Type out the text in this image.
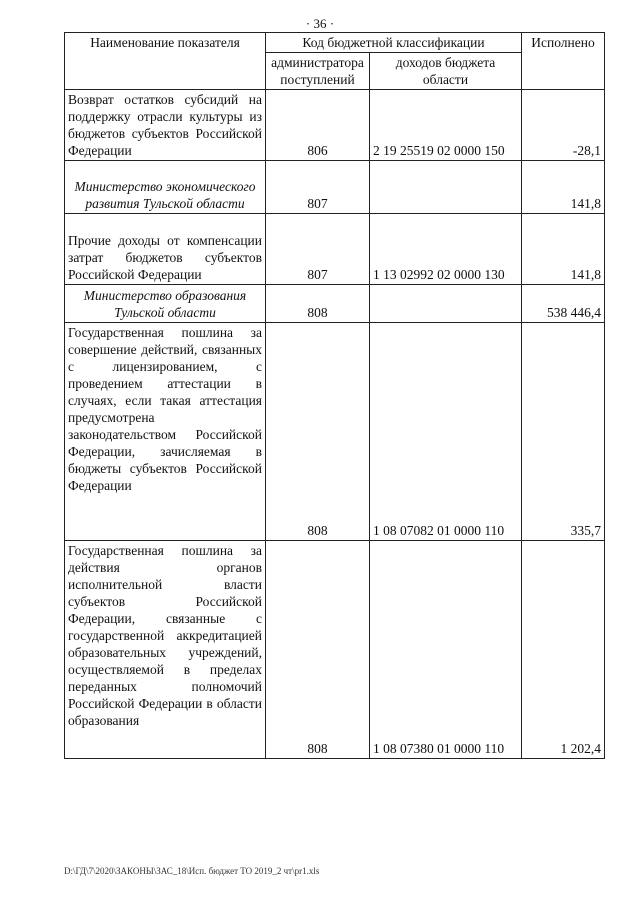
· 36 ·
Наименование показателя	Код бюджетной классификации		Исполнено
	администратора поступлений	доходов бюджета области	
Возврат остатков субсидий на поддержку отрасли культуры из бюджетов субъектов Российской Федерации	806	2 19 25519 02 0000 150	-28,1
Министерство экономического развития Тульской области	807		141,8
Прочие доходы от компенсации затрат бюджетов субъектов Российской Федерации	807	1 13 02992 02 0000 130	141,8
Министерство образования Тульской области	808		538 446,4
Государственная пошлина за совершение действий, связанных с лицензированием, с проведением аттестации в случаях, если такая аттестация предусмотрена законодательством Российской Федерации, зачисляемая в бюджеты субъектов Российской Федерации	808	1 08 07082 01 0000 110	335,7
Государственная пошлина за действия органов исполнительной власти субъектов Российской Федерации, связанные с государственной аккредитацией образовательных учреждений, осуществляемой в пределах переданных полномочий Российской Федерации в области образования	808	1 08 07380 01 0000 110	1 202,4
D:\ГД\7\2020\ЗАКОНЫ\ЗАС_18\Исп. бюджет ТО 2019_2 чт\pr1.xls
